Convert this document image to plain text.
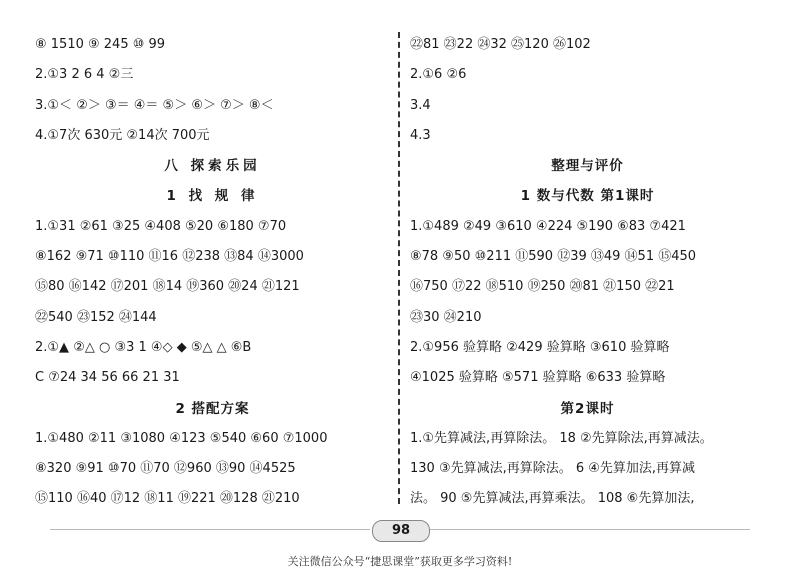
⑧ 1510 ⑨ 245 ⑩ 99
2.①3 2 6 4 ②三
3.①＜ ②＞ ③＝ ④＝ ⑤＞ ⑥＞ ⑦＞ ⑧＜
4.①7次 630元 ②14次 700元
八 探索乐园
1 找 规 律
1.①31 ②61 ③25 ④408 ⑤20 ⑥180 ⑦70
⑧162 ⑨71 ⑩110 ⑪16 ⑫238 ⑬84 ⑭3000
⑮80 ⑯142 ⑰201 ⑱14 ⑲360 ⑳24 ㉑121
㉒540 ㉓152 ㉔144
2.①▲ ②△ ○ ③3 1 ④◇ ◆ ⑤△ △ ⑥B
C ⑦24 34 56 66 21 31
2 搭配方案
1.①480 ②11 ③1080 ④123 ⑤540 ⑥60 ⑦1000
⑧320 ⑨91 ⑩70 ⑪70 ⑫960 ⑬90 ⑭4525
⑮110 ⑯40 ⑰12 ⑱11 ⑲221 ⑳128 ㉑210
㉒81 ㉓22 ㉔32 ㉕120 ㉖102
2.①6 ②6
3.4
4.3
整理与评价
1 数与代数 第1课时
1.①489 ②49 ③610 ④224 ⑤190 ⑥83 ⑦421
⑧78 ⑨50 ⑩211 ⑪590 ⑫39 ⑬49 ⑭51 ⑮450
⑯750 ⑰22 ⑱510 ⑲250 ⑳81 ㉑150 ㉒21
㉓30 ㉔210
2.①956 验算略 ②429 验算略 ③610 验算略
④1025 验算略 ⑤571 验算略 ⑥633 验算略
第2课时
1.①先算减法,再算除法。 18 ②先算除法,再算减法。
130 ③先算减法,再算除法。 6 ④先算加法,再算减
法。 90 ⑤先算减法,再算乘法。 108 ⑥先算加法,
98
关注微信公众号“捷思课堂”获取更多学习资料!
